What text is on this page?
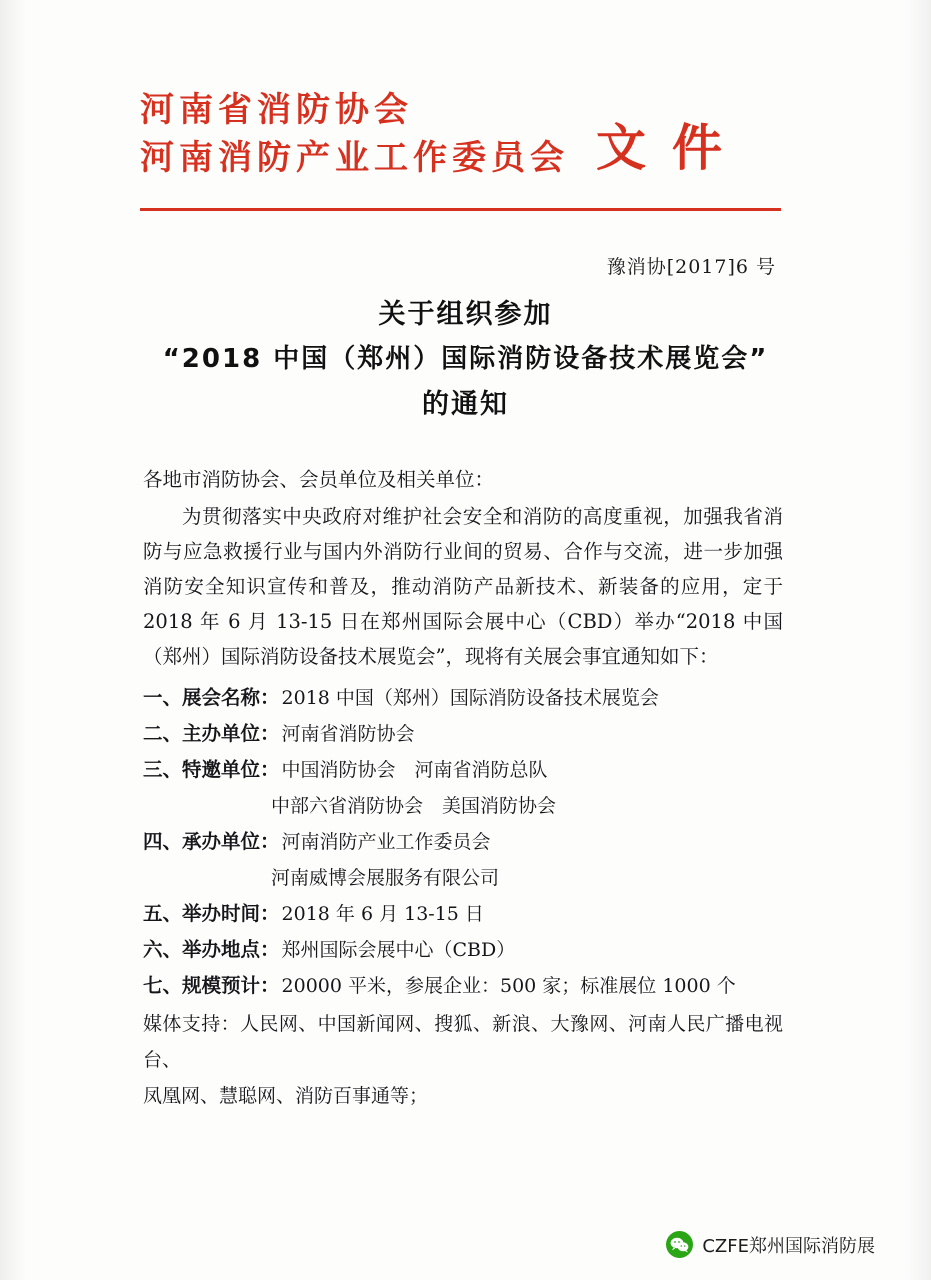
河南省消防协会
河南消防产业工作委员会 文件
豫消协[2017]6 号
关于组织参加
“2018 中国（郑州）国际消防设备技术展览会”
的通知
各地市消防协会、会员单位及相关单位：

为贯彻落实中央政府对维护社会安全和消防的高度重视，加强我省消防与应急救援行业与国内外消防行业间的贸易、合作与交流，进一步加强消防安全知识宣传和普及，推动消防产品新技术、新装备的应用，定于 2018 年 6 月 13-15 日在郑州国际会展中心（CBD）举办“2018 中国（郑州）国际消防设备技术展览会”，现将有关展会事宜通知如下：

一、展会名称： 2018 中国（郑州）国际消防设备技术展览会
二、主办单位： 河南省消防协会
三、特邀单位： 中国消防协会　河南省消防总队
中部六省消防协会　美国消防协会
四、承办单位： 河南消防产业工作委员会
河南威博会展服务有限公司
五、举办时间： 2018 年 6 月 13-15 日
六、举办地点： 郑州国际会展中心（CBD）
七、规模预计： 20000 平米，参展企业：500 家；标准展位 1000 个
媒体支持：人民网、中国新闻网、搜狐、新浪、大豫网、河南人民广播电视台、
凤凰网、慧聪网、消防百事通等；
CZFE郑州国际消防展
